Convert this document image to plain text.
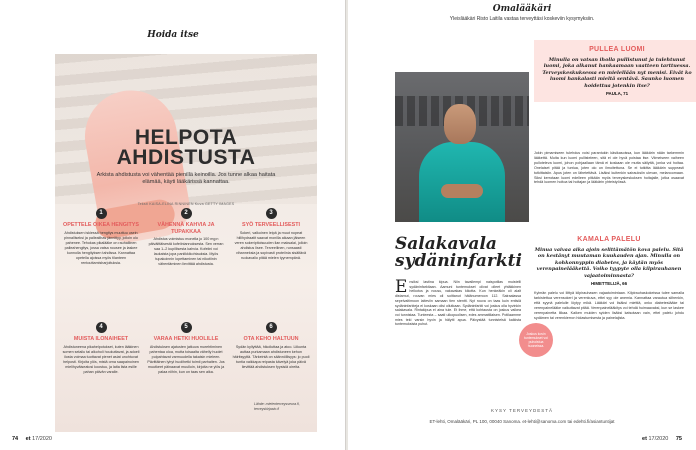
Hoida itse
HELPOTA
AHDISTUSTA
Arkista ahdistusta voi vähentää pienillä keinoilla. Jos tunne alkaa haitata elämää, käyti lääkärissä kannattaa.
Teksti KAISA-ELINA RINNINEN Kuva GETTY IMAGES
1
OPETTELE OIKEA HENGITYS
Ahdistuksen iskiessä hengitys muuttuu usein pinnalliseksi ja pallealihas jännittyy, jolloin olo pahenee. Tehokas pikalääke on rauhallinen palleahengitys, jossa vatsa nousee ja laskee kunnolla hengityksen tahdissa. Kannattaa opetella ajoissa myös tilanteen rentouttamisharjoituksia.
2
VÄHENNÄ KAHVIA JA TUPAKKAA
Ahdistus voimistuu monella jo 100 mg:n päiväittäisestä kofeiiniannoksesta. Sen verran saa 1–2 kupillisesta kahvia. Kofeiini voi laukaista jopa paniikkikohtauksia. Myös tupakoinnin lopettaminen tai nikotiinin vähentäminen lievittää ahdistusta.
3
SYÖ TERVEELLISESTI
Sokeri, valkoinen leipä ja muut nopeat hiilihydraatit saavat monilla aikaan jäiseen veren sokeripitoisuuden ilan maksalai, jolloin ahdistus lisee. Terveellinen, runsaasti vihanneksia ja sopivasti proteiinia sisältävä ruokavalio pitää mielen tyynempänä.
4
MUISTA ILONAIHEET
Ahdistuneena pikahelpotukset, kuten lääkinen somen selailu tai alkoholi houkuttavat, ja adoeli ilosta voimaa tuottavat pienet asiat unohtuvat helposti. Kirjoita ylös, mistä orna saapainoinen mielihyväiseatosi koostuu, ja laita lista esille pahan päivän varalle.
5
VARAA HETKI HUOLILLE
Ahdistuksen ajatusten jatkuva murehtiminen pahentaa oloa, mutta toisaalta vähelly huolet pulpahtavat varmuudella takaisin mieleen. Pävittäinen lyhyt huolihetki toimii parhaiten. Jos muutkeet päinaavat muulloin, kirjoita ne ylös ja palaa niihin, kun on taas sen aika.
6
OTA KEHO HALTUUN
Sydän kyllyttää, hikoiluttaa ja atoo. Liikunta auttaa purkamaan ahdistuneen kehon häiritsyyttä. Tärkeintä on säännöllisyys: jo puoli tuntia vaikkapa reipasta kävelyä joka päivä lievittää ahdistuksen fyysisiä oireita.
Lähde: mielenterveysseura.fi, terveyskirjasto.fi
74 et 17/2020
Omalääkäri
Yleislääkäri Risto Laitila vastaa terveyttäsi koskeviin kysymyksiin.
Salakavala
sydäninfarkti
Ensiksi lastina kipua. Niin tavallempi naispotilas muistelli sydäninfarktiaan. Aamuni tuntemukset olivat olleet yhtäkkinen heikotus ja nousu, vakavakas kikotta. Kun henkeäkin oli alalt distamut, rouvan mies oli soittanut hätänumeroon 112. Sairaalassa sepelvaltimoon laiteviin samaan tien stentti. Nyt rouva on taas kuin entisiä sydäninfarkteja ei koskaan olisi ollutkaan. Sydäninfarkti voi joskus olla hyvinkin salakavala. Rintakipua ei aina tule. Et ihme, että kohtausta on joskus vaikea voi tunnistaa. Tunteesta – saati ulkopuolisen, edes ammattilaisen. Potilaamme mies teki varsin hyvin ja hälytti apua. Päivystää tunnistelsä kaikista tuntemuksista puhut.
Joskus kovin tuntemukset voi puhoistua huoneissa.
PULLEA LUOMI
Minulla on vatsan iholla pullistunut ja tulehtunut luomi, joka alkanut hankaamaan vaatteen tarttuessa. Terveyskeskuksessa en mielellään nyt menisi. Eivät ko luomi hankalasti mieltä sentävä. Saunko luomen hoidettua jotenkin itse?
PAULA, 71
Jokin pimamiseen tulehdus voisi parantukin käsikasoissa, kun lääkärin nään tarkemmin lääkettä. Muita kun luomi pullisteleen, sitä ei ole hyvä poistaa itse. Viimeiseen vaiheen pulloteleva luomi, johon pohjaallaan tämä ei koskaan ole mutta säilyttä, jonka voi hoitaa. Onelaiset pitää ja tuntua, joten olo on ilmoitettuna. Se ei tutkitta lääkärin suppeasti tutkittaisiin. Apus joten on lähetettävä. Lisäksi kuitenkin sairauksiin ulevan, melanoomaan. Siksi kerrotaan luomi edelleen pitkään myös terveyskeskuksen hoitajalle, jotka osaavat tehdä luomen hoitoa tai hoitajan ja lääkärin yhteistyössä.
KAMALA PALELU
Minua vaivaa aika ajoin selittämätön kova palelu. Sitä on kestänyt muutaman kuukauden ajan. Minulla on kohkonnyppin diabetes, ja käytän myös verenpainelääkettä. Voiko tyypyte olla kilpirauhanen vajaatoiminnasta?
HIMETTELIJÄ, 66
Kylmän palelu voi liittyä kilpirauhasen vajaatoimintaan. Kilpirauhaskokeissa tulee samalla tarkistettua verensokeri ja verenkuva, ettei syy ole anemia. Kannattaa varautua siihenkin, että syynä palelulle löytyy mikä. Lääkäri voi lisäksi miettiä, onko diabeteslääke tai verenpainelääke vaikuttavat pitää. Verenpainelääkitys voi tehdä huimaavaksi, kun se laskee verenpainetta liikaa. Kaiken muiden syiden lisäksi katsotaan vain, ettei palelu johdu sydämen tai verenkierron hidastumisesta ja painelajista.
KYSY TERVEYDESTÄ
ET-lehti, Omalääkäri, PL 100, 00040 Sanoma. et-lehti@sanoma.com tai edehti.fi/asiantuntijat
et 17/2020 75
